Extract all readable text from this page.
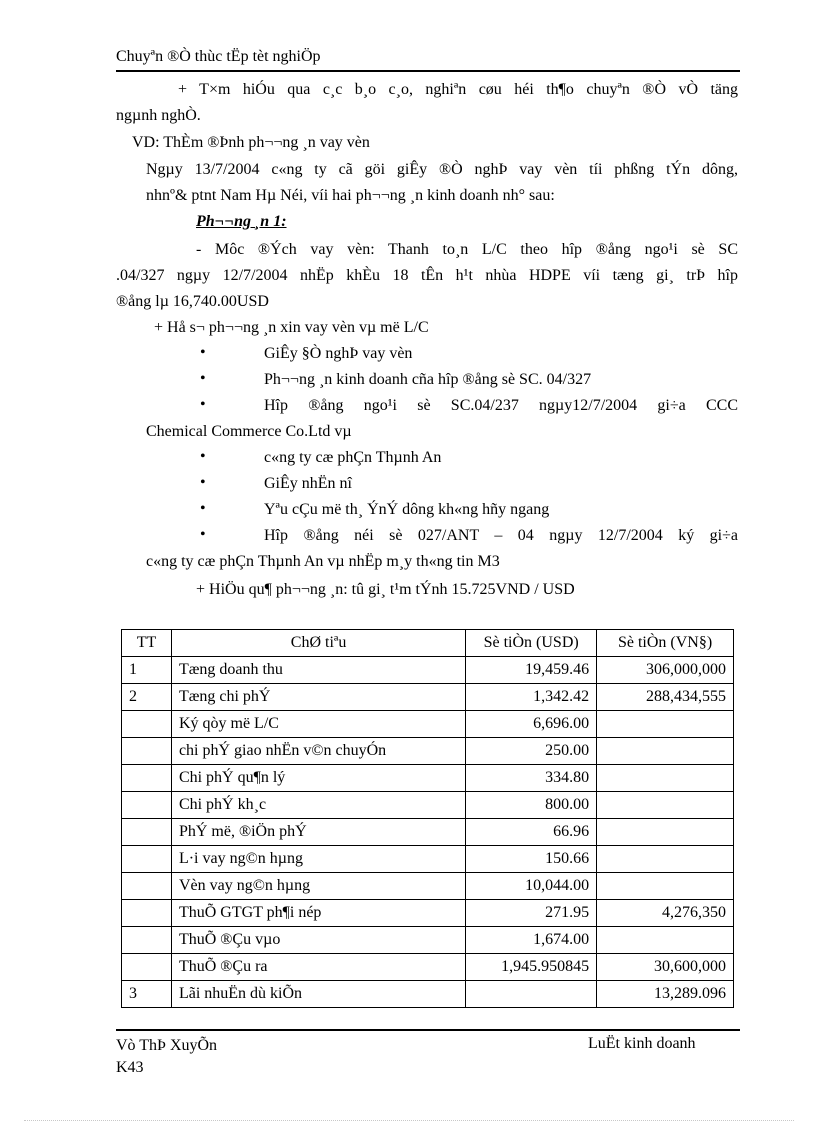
Chuyªn ®Ò thùc tËp tèt nghiÖp
+ T×m hiÓu qua c¸c b¸o c¸o, nghiªn cøu héi th¶o chuyªn ®Ò vÒ täng
ngµnh nghÒ.
VD: ThÈm ®Þnh ph¬¬ng ¸n vay vèn
Ngµy 13/7/2004 c«ng ty cã göi giÊy ®Ò nghÞ vay vèn tíi phßng tÝn dông,
nhnº& ptnt Nam Hµ Néi, víi hai ph¬¬ng ¸n kinh doanh nh° sau:
Ph¬¬ng ¸n 1:
- Môc ®Ých vay vèn: Thanh to¸n L/C theo hîp ®ång ngo¹i sè SC
.04/327 ngµy 12/7/2004 nhËp khÈu 18 tÊn h¹t nhùa HDPE víi tæng gi¸ trÞ hîp
®ång lµ 16,740.00USD
+ Hå s¬ ph¬¬ng ¸n xin vay vèn vµ më L/C
•	GiÊy §Ò nghÞ vay vèn
•	Ph¬¬ng ¸n kinh doanh cña hîp ®ång sè SC. 04/327
•	Hîp ®ång ngo¹i sè SC.04/237 ngµy12/7/2004 gi÷a CCC
Chemical Commerce Co.Ltd vµ
•	c«ng ty cæ phÇn Thµnh An
•	GiÊy nhËn nî
•	Yªu cÇu më th¸ ÝnÝ dông kh«ng hñy ngang
•	Hîp ®ång néi sè 027/ANT – 04 ngµy 12/7/2004 ký gi÷a
c«ng ty cæ phÇn Thµnh An vµ nhËp m¸y th«ng tin M3
+ HiÖu qu¶ ph¬¬ng ¸n: tû gi¸ t¹m tÝnh 15.725VND / USD
TT	ChØ tiªu	Sè tiÒn (USD)	Sè tiÒn (VN§)
1	Tæng doanh thu	19,459.46	306,000,000
2	Tæng chi phÝ	1,342.42	288,434,555
	Ký qòy më L/C	6,696.00	
	chi phÝ giao nhËn v©n chuyÓn	250.00	
	Chi phÝ qu¶n lý	334.80	
	Chi phÝ kh¸c	800.00	
	PhÝ më, ®iÖn phÝ	66.96	
	L·i vay ng©n hµng	150.66	
	Vèn vay ng©n hµng	10,044.00	
	ThuÕ GTGT ph¶i nép	271.95	4,276,350
	ThuÕ ®Çu vµo	1,674.00	
	ThuÕ ®Çu ra	1,945.950845	30,600,000
3	Lãi nhuËn dù kiÕn		13,289.096
Vò ThÞ XuyÕn
K43
LuËt kinh doanh
